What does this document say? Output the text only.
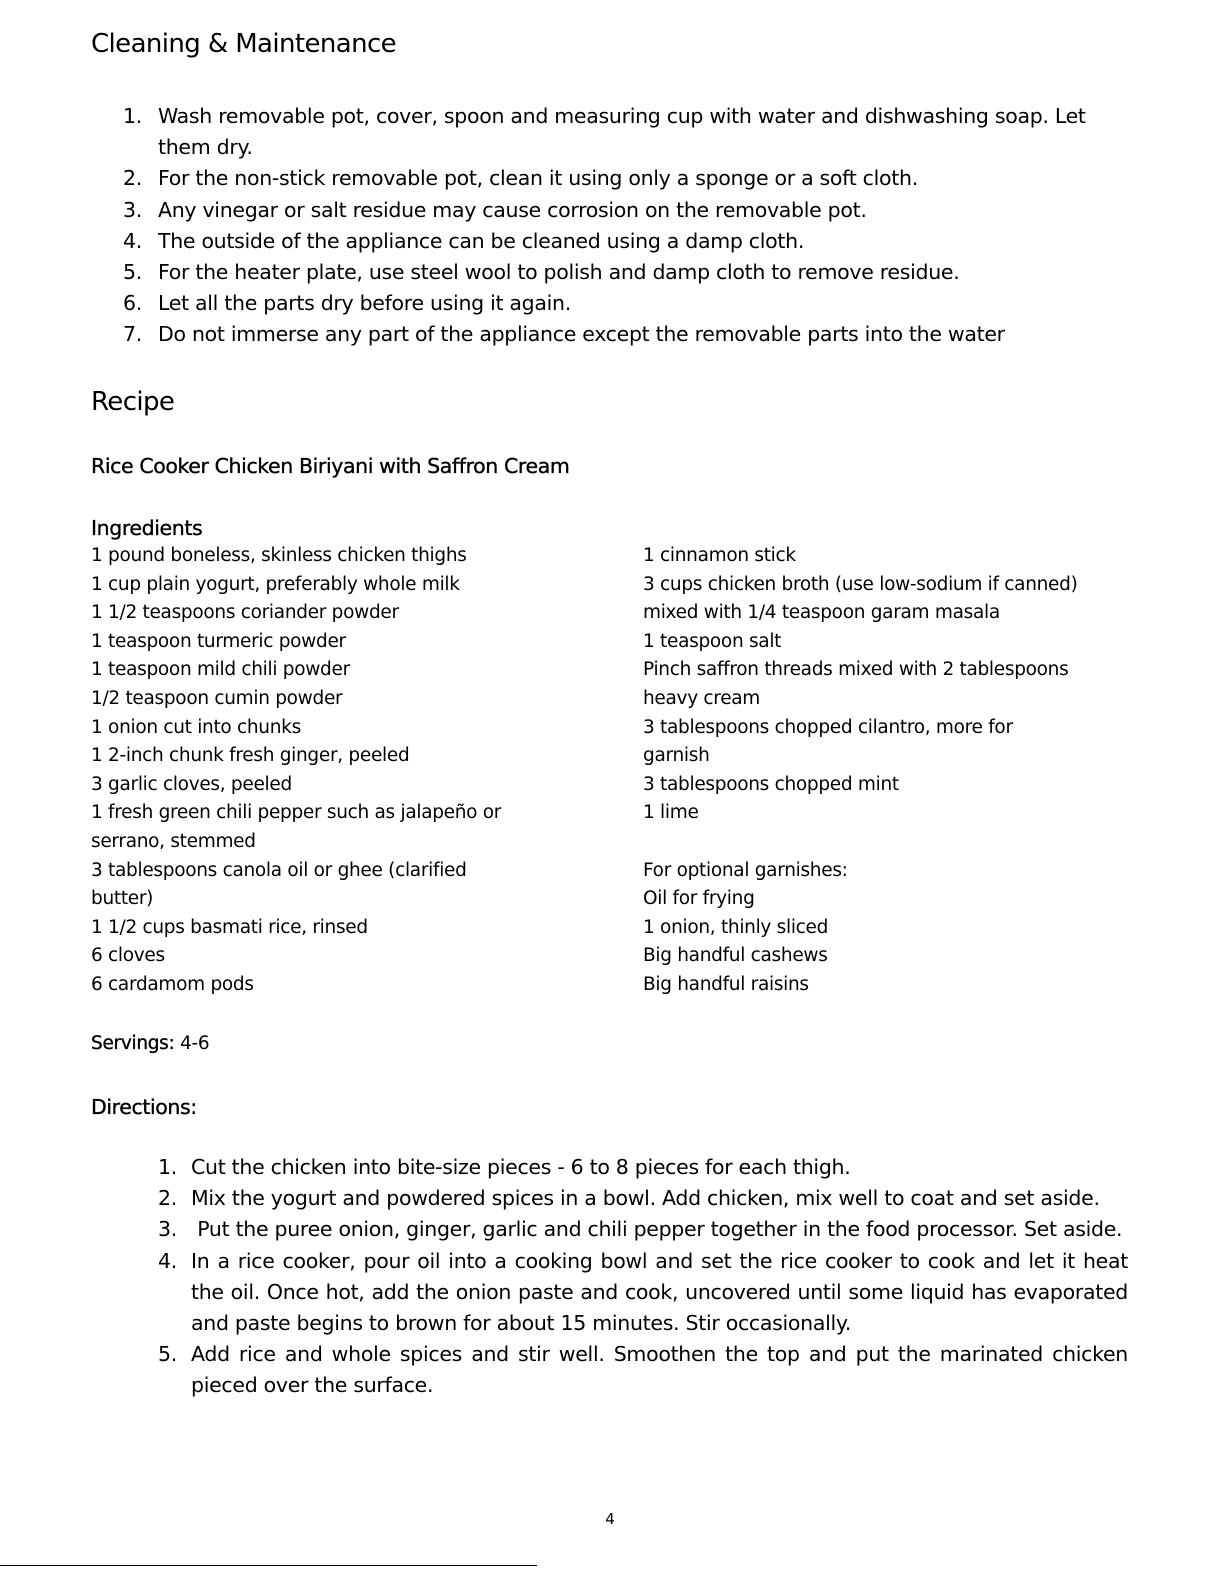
Cleaning & Maintenance
1. Wash removable pot, cover, spoon and measuring cup with water and dishwashing soap. Let them dry.
2. For the non-stick removable pot, clean it using only a sponge or a soft cloth.
3. Any vinegar or salt residue may cause corrosion on the removable pot.
4. The outside of the appliance can be cleaned using a damp cloth.
5. For the heater plate, use steel wool to polish and damp cloth to remove residue.
6. Let all the parts dry before using it again.
7. Do not immerse any part of the appliance except the removable parts into the water
Recipe
Rice Cooker Chicken Biriyani with Saffron Cream
Ingredients
1 pound boneless, skinless chicken thighs
1 cup plain yogurt, preferably whole milk
1 1/2 teaspoons coriander powder
1 teaspoon turmeric powder
1 teaspoon mild chili powder
1/2 teaspoon cumin powder
1 onion cut into chunks
1 2-inch chunk fresh ginger, peeled
3 garlic cloves, peeled
1 fresh green chili pepper such as jalapeño or serrano, stemmed
3 tablespoons canola oil or ghee (clarified butter)
1 1/2 cups basmati rice, rinsed
6 cloves
6 cardamom pods
1 cinnamon stick
3 cups chicken broth (use low-sodium if canned) mixed with 1/4 teaspoon garam masala
1 teaspoon salt
Pinch saffron threads mixed with 2 tablespoons heavy cream
3 tablespoons chopped cilantro, more for garnish
3 tablespoons chopped mint
1 lime
For optional garnishes:
Oil for frying
1 onion, thinly sliced
Big handful cashews
Big handful raisins
Servings: 4-6
Directions:
1. Cut the chicken into bite-size pieces - 6 to 8 pieces for each thigh.
2. Mix the yogurt and powdered spices in a bowl. Add chicken, mix well to coat and set aside.
3. Put the puree onion, ginger, garlic and chili pepper together in the food processor. Set aside.
4. In a rice cooker, pour oil into a cooking bowl and set the rice cooker to cook and let it heat the oil. Once hot, add the onion paste and cook, uncovered until some liquid has evaporated and paste begins to brown for about 15 minutes. Stir occasionally.
5. Add rice and whole spices and stir well. Smoothen the top and put the marinated chicken pieced over the surface.
4
